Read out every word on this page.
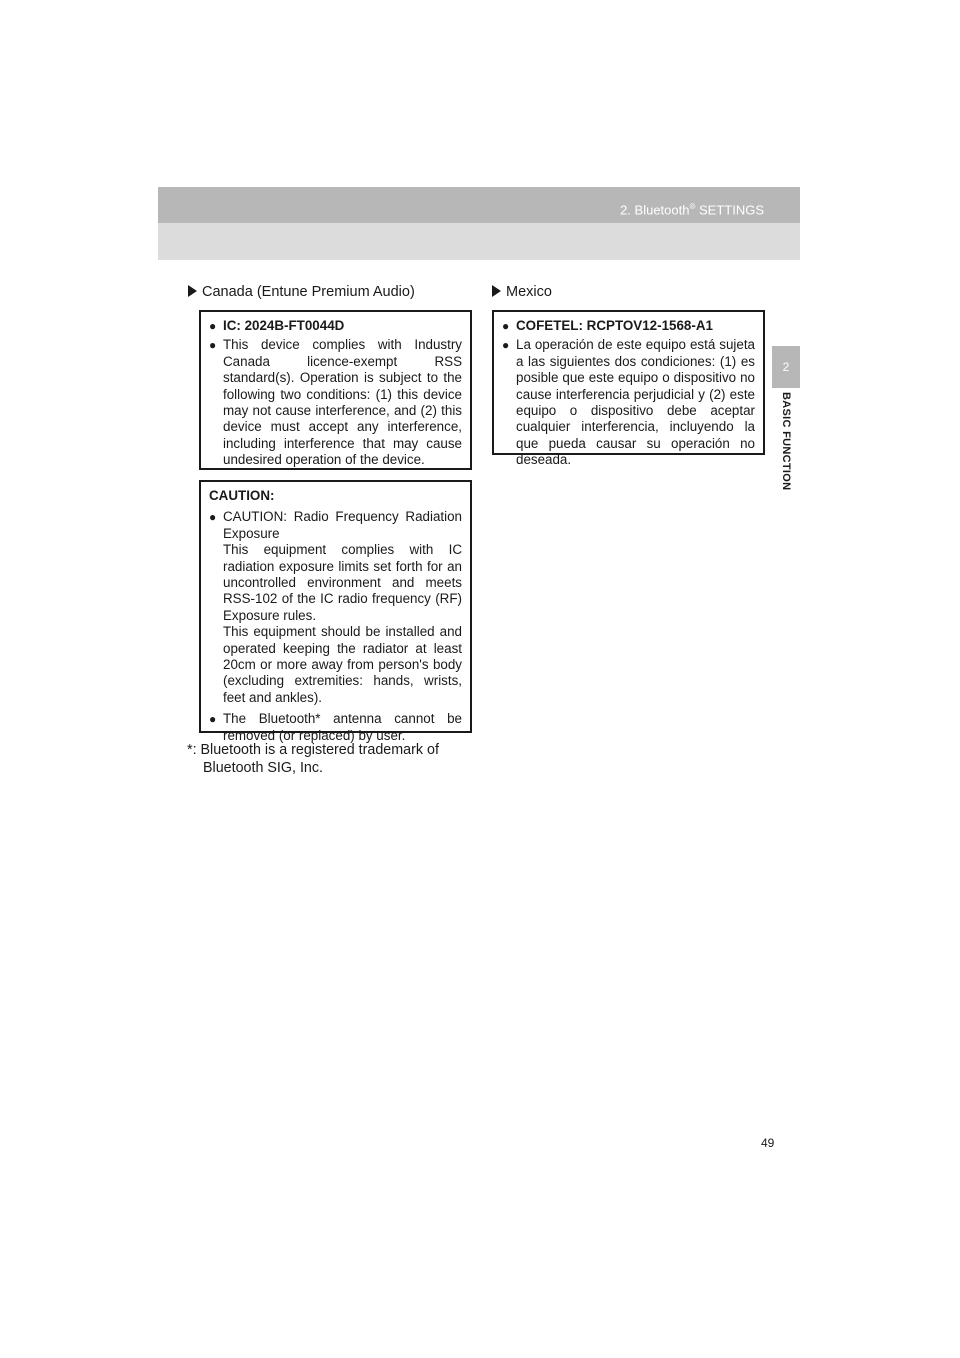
2. Bluetooth® SETTINGS
2
BASIC FUNCTION
Canada (Entune Premium Audio)
● IC: 2024B-FT0044D
● This device complies with Industry Canada licence-exempt RSS standard(s). Operation is subject to the following two conditions: (1) this device may not cause interference, and (2) this device must accept any interference, including interference that may cause undesired operation of the device.
CAUTION:
● CAUTION: Radio Frequency Radiation Exposure
This equipment complies with IC radiation exposure limits set forth for an uncontrolled environment and meets RSS-102 of the IC radio frequency (RF) Exposure rules.
This equipment should be installed and operated keeping the radiator at least 20cm or more away from person's body (excluding extremities: hands, wrists, feet and ankles).
● The Bluetooth* antenna cannot be removed (or replaced) by user.
*: Bluetooth is a registered trademark of
Bluetooth SIG, Inc.
Mexico
● COFETEL: RCPTOV12-1568-A1
● La operación de este equipo está sujeta a las siguientes dos condiciones: (1) es posible que este equipo o dispositivo no cause interferencia perjudicial y (2) este equipo o dispositivo debe aceptar cualquier interferencia, incluyendo la que pueda causar su operación no deseada.
49
